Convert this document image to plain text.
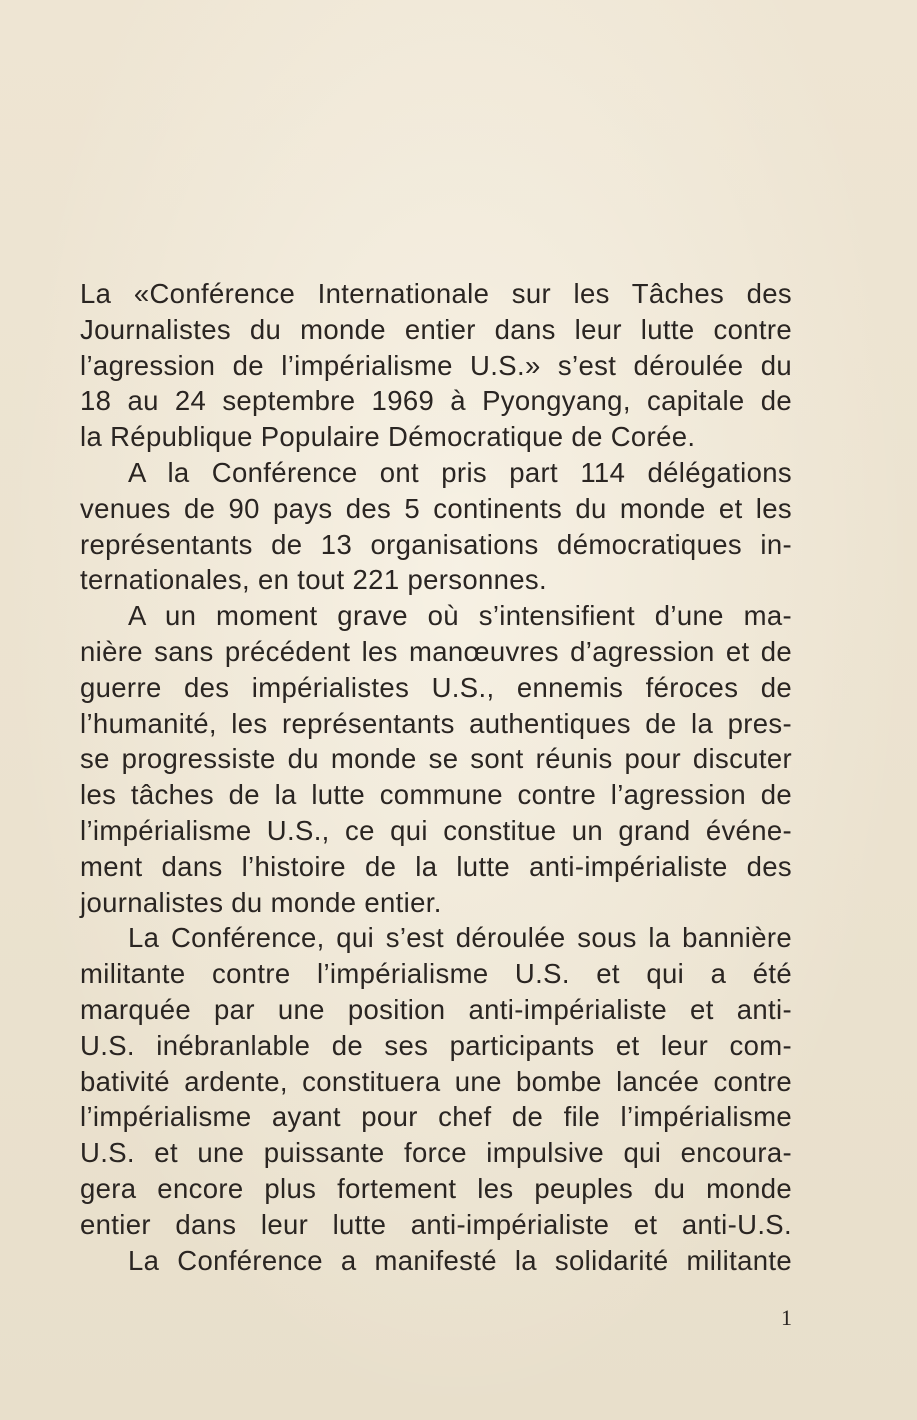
La «Conférence Internationale sur les Tâches des
Journalistes du monde entier dans leur lutte contre
l’agression de l’impérialisme U.S.» s’est déroulée du
18 au 24 septembre 1969 à Pyongyang, capitale de
la République Populaire Démocratique de Corée.

A la Conférence ont pris part 114 délégations
venues de 90 pays des 5 continents du monde et les
représentants de 13 organisations démocratiques in-
ternationales, en tout 221 personnes.

A un moment grave où s’intensifient d’une ma-
nière sans précédent les manœuvres d’agression et de
guerre des impérialistes U.S., ennemis féroces de
l’humanité, les représentants authentiques de la pres-
se progressiste du monde se sont réunis pour discuter
les tâches de la lutte commune contre l’agression de
l’impérialisme U.S., ce qui constitue un grand événe-
ment dans l’histoire de la lutte anti-impérialiste des
journalistes du monde entier.

La Conférence, qui s’est déroulée sous la bannière
militante contre l’impérialisme U.S. et qui a été
marquée par une position anti-impérialiste et anti-
U.S. inébranlable de ses participants et leur com-
bativité ardente, constituera une bombe lancée contre
l’impérialisme ayant pour chef de file l’impérialisme
U.S. et une puissante force impulsive qui encoura-
gera encore plus fortement les peuples du monde
entier dans leur lutte anti-impérialiste et anti-U.S.

La Conférence a manifesté la solidarité militante

1
